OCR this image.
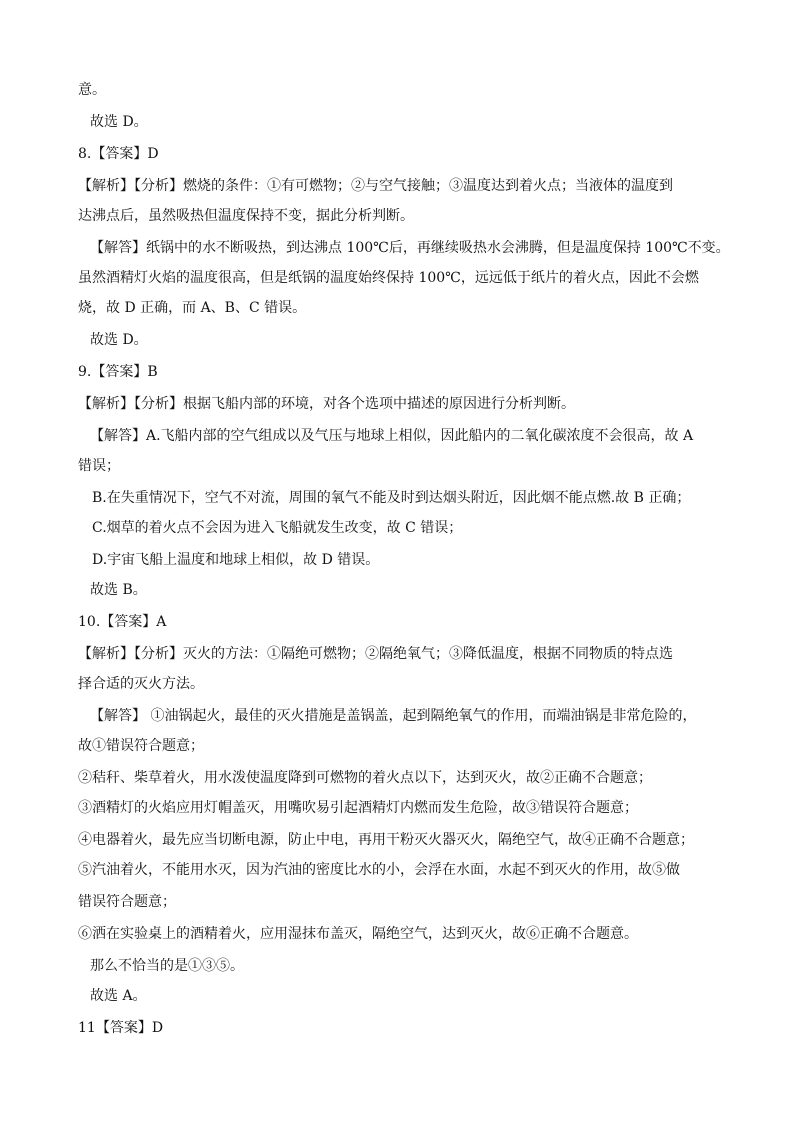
意。
故选 D。
8.【答案】D
【解析】【分析】燃烧的条件：①有可燃物；②与空气接触；③温度达到着火点；当液体的温度到
达沸点后，虽然吸热但温度保持不变，据此分析判断。
【解答】纸锅中的水不断吸热，到达沸点 100℃后，再继续吸热水会沸腾，但是温度保持 100℃不变。
虽然酒精灯火焰的温度很高，但是纸锅的温度始终保持 100℃，远远低于纸片的着火点，因此不会燃
烧，故 D 正确，而 A、B、C 错误。
故选 D。
9.【答案】B
【解析】【分析】根据飞船内部的环境，对各个选项中描述的原因进行分析判断。
【解答】A.飞船内部的空气组成以及气压与地球上相似，因此船内的二氧化碳浓度不会很高，故 A
错误；
B.在失重情况下，空气不对流，周围的氧气不能及时到达烟头附近，因此烟不能点燃.故 B 正确；
C.烟草的着火点不会因为进入飞船就发生改变，故 C 错误；
D.宇宙飞船上温度和地球上相似，故 D 错误。
故选 B。
10.【答案】A
【解析】【分析】灭火的方法：①隔绝可燃物；②隔绝氧气；③降低温度，根据不同物质的特点选
择合适的灭火方法。
【解答】 ①油锅起火，最佳的灭火措施是盖锅盖，起到隔绝氧气的作用，而端油锅是非常危险的，
故①错误符合题意；
②秸秆、柴草着火，用水泼使温度降到可燃物的着火点以下，达到灭火，故②正确不合题意；
③酒精灯的火焰应用灯帽盖灭，用嘴吹易引起酒精灯内燃而发生危险，故③错误符合题意；
④电器着火，最先应当切断电源，防止中电，再用干粉灭火器灭火，隔绝空气，故④正确不合题意；
⑤汽油着火，不能用水灭，因为汽油的密度比水的小，会浮在水面，水起不到灭火的作用，故⑤做
错误符合题意；
⑥洒在实验桌上的酒精着火，应用湿抹布盖灭，隔绝空气，达到灭火，故⑥正确不合题意。
那么不恰当的是①③⑤。
故选 A。
11【答案】D
